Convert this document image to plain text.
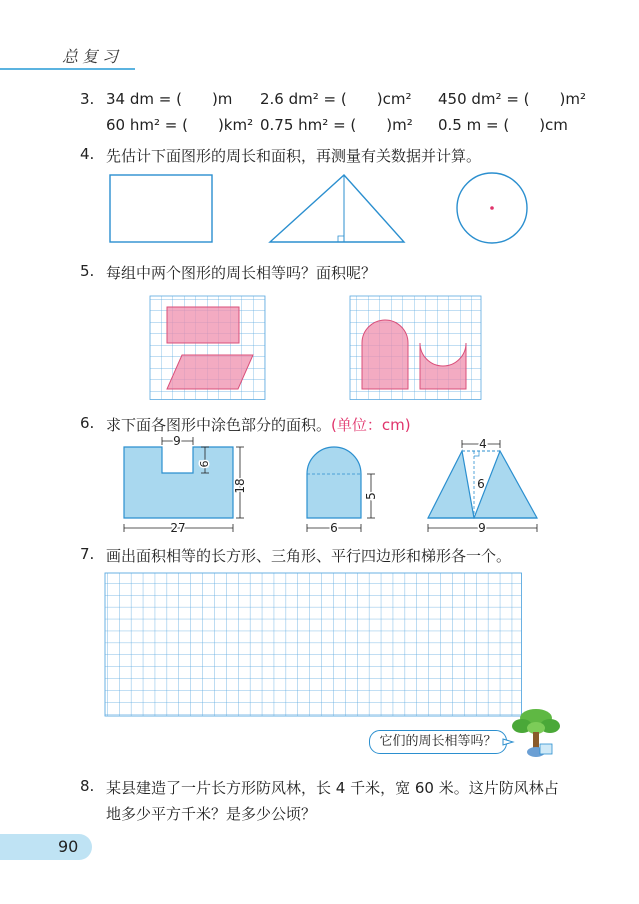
总复习
3. 34 dm = ( )m 2.6 dm² = ( )cm² 450 dm² = ( )m²
60 hm² = ( )km² 0.75 hm² = ( )m² 0.5 m = ( )cm
4. 先估计下面图形的周长和面积，再测量有关数据并计算。
5. 每组中两个图形的周长相等吗？面积呢？
6. 求下面各图形中涂色部分的面积。(单位：cm)
7. 画出面积相等的长方形、三角形、平行四边形和梯形各一个。
8. 某县建造了一片长方形防风林，长 4 千米，宽 60 米。这片防风林占
地多少平方千米？是多少公顷？
它们的周长相等吗？
90
9
6
18
27
5
6
4
6
9
